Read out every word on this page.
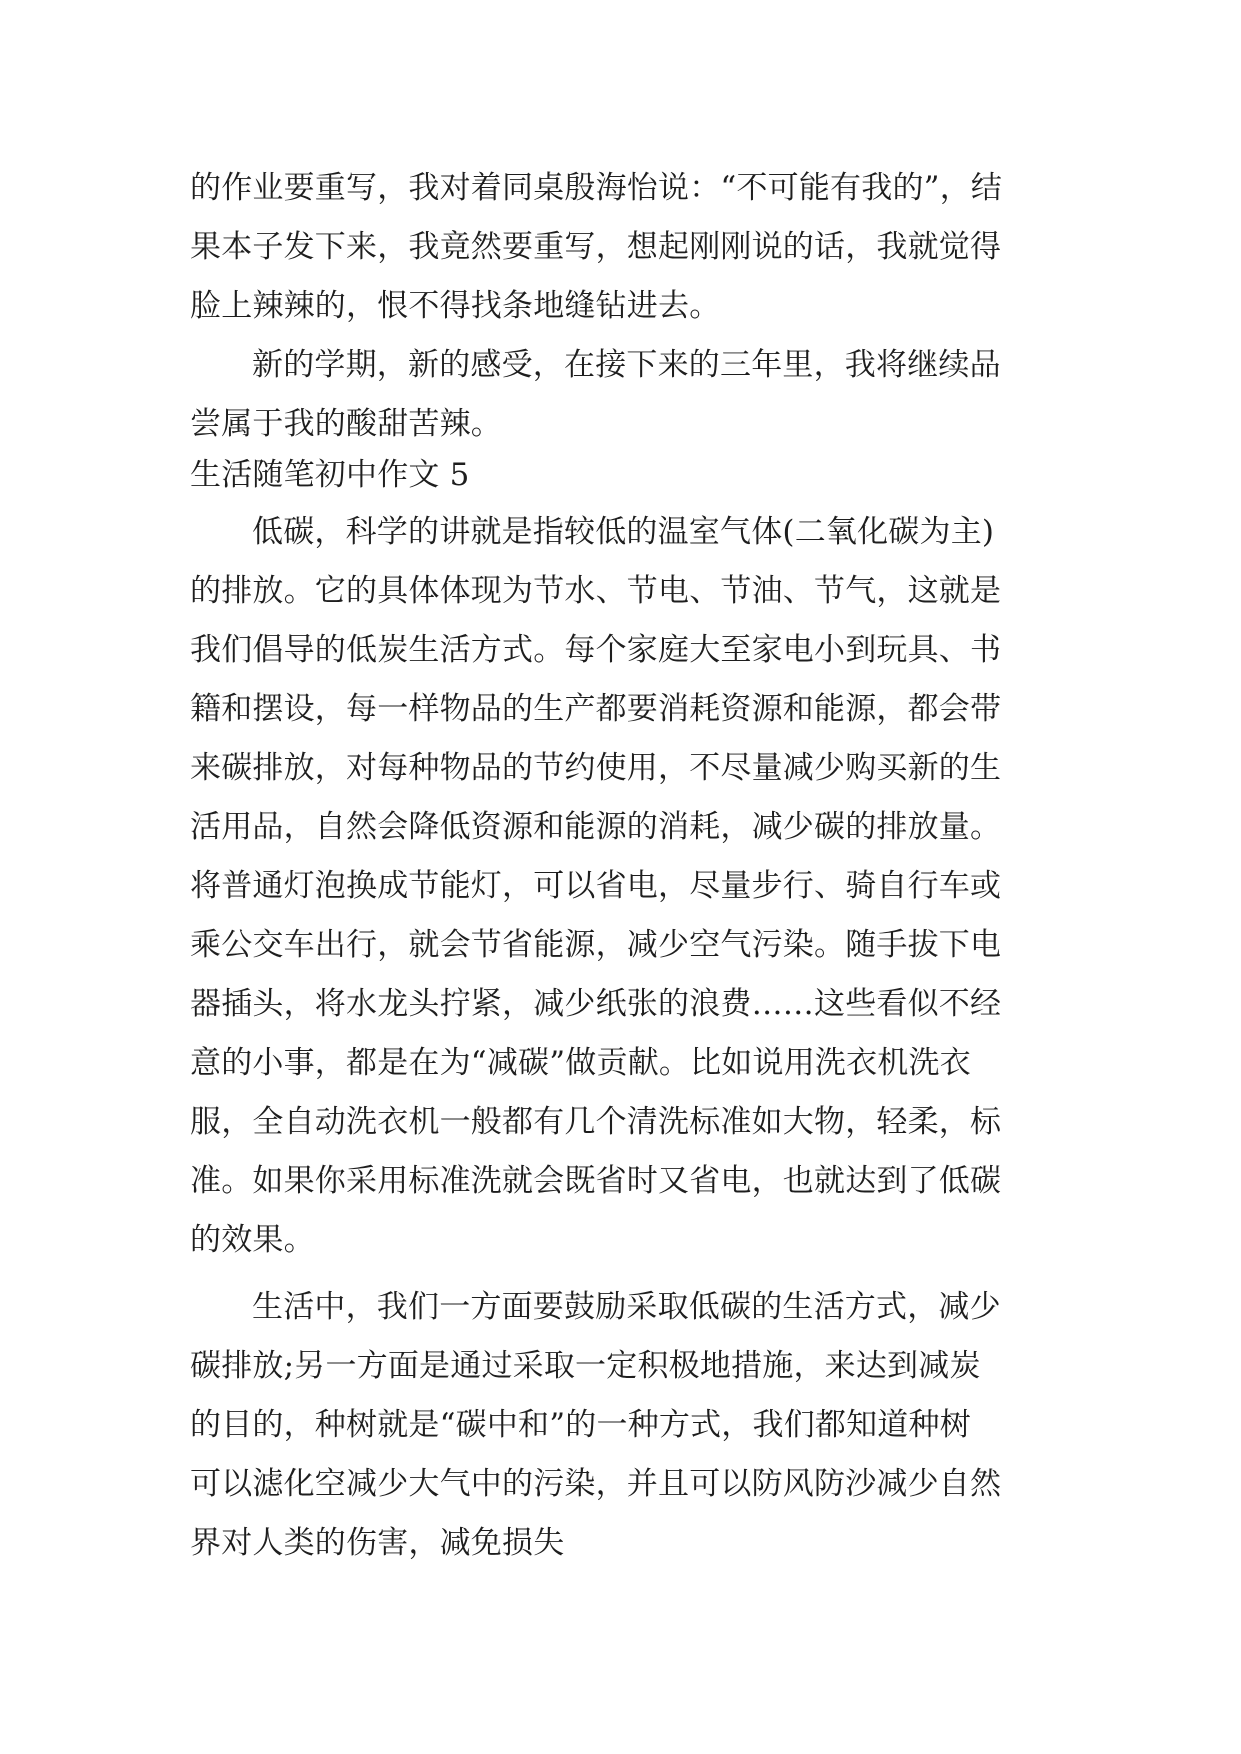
的作业要重写，我对着同桌殷海怡说：“不可能有我的”，结
果本子发下来，我竟然要重写，想起刚刚说的话，我就觉得
脸上辣辣的，恨不得找条地缝钻进去。
新的学期，新的感受，在接下来的三年里，我将继续品
尝属于我的酸甜苦辣。
生活随笔初中作文 5
低碳，科学的讲就是指较低的温室气体(二氧化碳为主)
的排放。它的具体体现为节水、节电、节油、节气，这就是
我们倡导的低炭生活方式。每个家庭大至家电小到玩具、书
籍和摆设，每一样物品的生产都要消耗资源和能源，都会带
来碳排放，对每种物品的节约使用，不尽量减少购买新的生
活用品，自然会降低资源和能源的消耗，减少碳的排放量。
将普通灯泡换成节能灯，可以省电，尽量步行、骑自行车或
乘公交车出行，就会节省能源，减少空气污染。随手拔下电
器插头，将水龙头拧紧，减少纸张的浪费……这些看似不经
意的小事，都是在为“减碳”做贡献。比如说用洗衣机洗衣
服，全自动洗衣机一般都有几个清洗标准如大物，轻柔，标
准。如果你采用标准洗就会既省时又省电，也就达到了低碳
的效果。
生活中，我们一方面要鼓励采取低碳的生活方式，减少
碳排放;另一方面是通过采取一定积极地措施，来达到减炭
的目的，种树就是“碳中和”的一种方式，我们都知道种树
可以滤化空减少大气中的污染，并且可以防风防沙减少自然
界对人类的伤害，减免损失
